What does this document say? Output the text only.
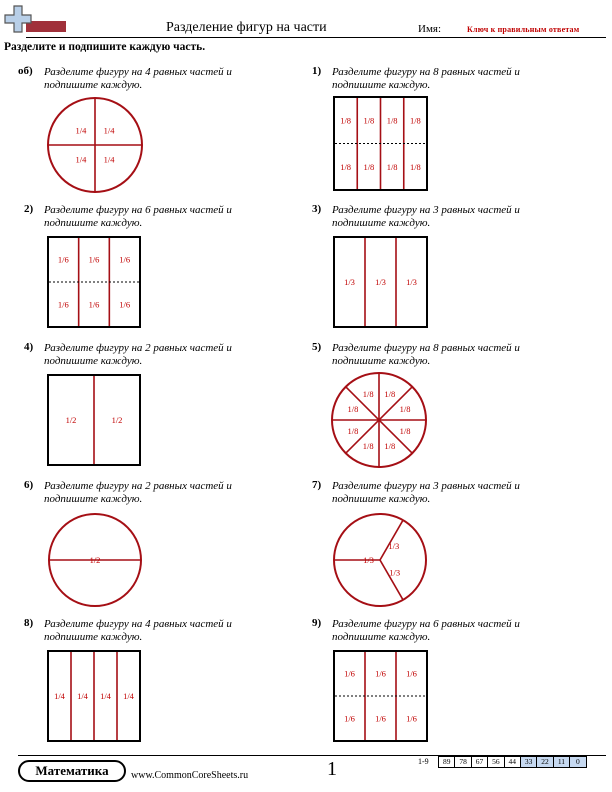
Разделение фигур на части	Имя:	Ключ к правильным ответам
Разделите и подпишите каждую часть.
об) Разделите фигуру на 4 равных частей и подпишите каждую.
1) Разделите фигуру на 8 равных частей и подпишите каждую.
2) Разделите фигуру на 6 равных частей и подпишите каждую.
3) Разделите фигуру на 3 равных частей и подпишите каждую.
4) Разделите фигуру на 2 равных частей и подпишите каждую.
5) Разделите фигуру на 8 равных частей и подпишите каждую.
6) Разделите фигуру на 2 равных частей и подпишите каждую.
7) Разделите фигуру на 3 равных частей и подпишите каждую.
8) Разделите фигуру на 4 равных частей и подпишите каждую.
9) Разделите фигуру на 6 равных частей и подпишите каждую.
1/4 1/4
1/4 1/4
1/8 1/8 1/8 1/8
1/8 1/8 1/8 1/8
1/6 1/6 1/6
1/6 1/6 1/6
1/3 1/3 1/3
1/2	1/2
1/8
1/8
1/8
1/8
1/8
1/8 1/8
1/8
1/2
1/3
1/3
1/3
1/4 1/4 1/4 1/4
1/6 1/6 1/6
1/6 1/6 1/6
Математика	www.CommonCoreSheets.ru	1	1-9 89	78	67	56	44	33	22	11	0
